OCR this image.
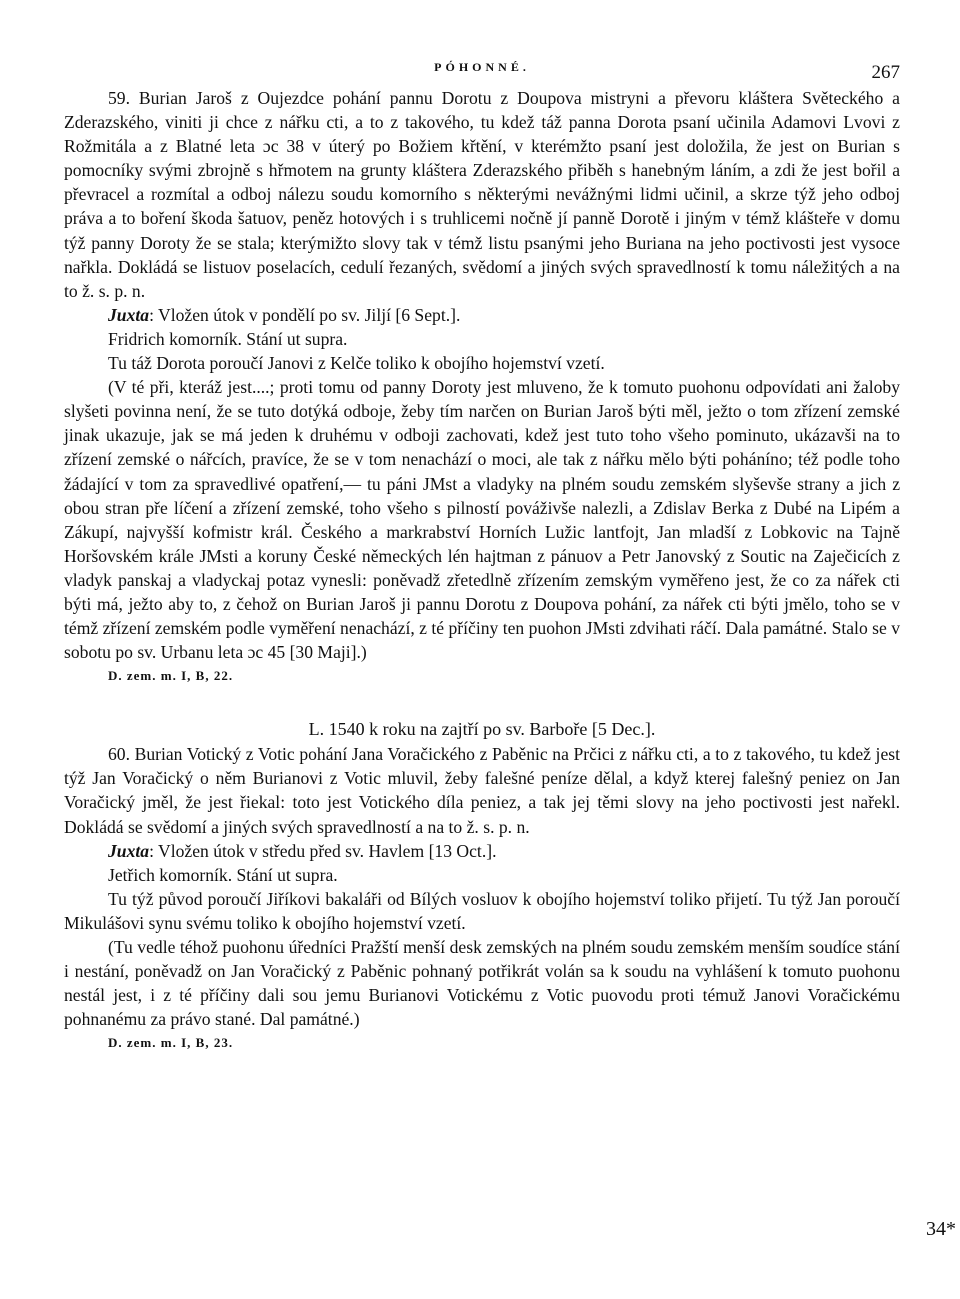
PÓHONNÉ.	267

59. Burian Jaroš z Oujezdce pohání pannu Dorotu z Doupova mistryni a převoru kláštera Světeckého a Zderazského, viniti ji chce z nářku cti, a to z takového, tu kdež táž panna Dorota psaní učinila Adamovi Lvovi z Rožmitála a z Blatné leta ɔc 38 v úterý po Božiem křtění, v kterémžto psaní jest doložila, že jest on Burian s pomocníky svými zbrojně s hřmotem na grunty kláštera Zderazského přiběh s hanebným láním, a zdi že jest bořil a převracel a rozmítal a odboj nálezu soudu komorního s některými nevážnými lidmi učinil, a skrze týž jeho odboj práva a to boření škoda šatuov, peněz hotových i s truhlicemi nočně jí panně Dorotě i jiným v témž klášteře v domu týž panny Doroty že se stala; kterýmižto slovy tak v témž listu psanými jeho Buriana na jeho poctivosti jest vysoce nařkla. Dokládá se listuov poselacích, cedulí řezaných, svědomí a jiných svých spravedlností k tomu náležitých a na to ž. s. p. n.

Juxta: Vložen útok v pondělí po sv. Jiljí [6 Sept.].

Fridrich komorník. Stání ut supra.

Tu táž Dorota poroučí Janovi z Kelče toliko k obojího hojemství vzetí.

(V té při, kteráž jest....; proti tomu od panny Doroty jest mluveno, že k tomuto puohonu odpovídati ani žaloby slyšeti povinna není, že se tuto dotýká odboje, žeby tím narčen on Burian Jaroš býti měl, ježto o tom zřízení zemské jinak ukazuje, jak se má jeden k druhému v odboji zachovati, kdež jest tuto toho všeho pominuto, ukázavši na to zřízení zemské o nářcích, pravíce, že se v tom nenachází o moci, ale tak z nářku mělo býti poháníno; též podle toho žádající v tom za spravedlivé opatření,— tu páni JMst a vladyky na plném soudu zemském slyševše strany a jich z obou stran pře líčení a zřízení zemské, toho všeho s pilností pováživše nalezli, a Zdislav Berka z Dubé na Lipém a Zákupí, najvyšší kofmistr král. Českého a markrabství Horních Lužic lantfojt, Jan mladší z Lobkovic na Tajně Horšovském krále JMsti a koruny České německých lén hajtman z pánuov a Petr Janovský z Soutic na Zaječicích z vladyk panskaj a vladyckaj potaz vynesli: poněvadž zřetedlně zřízením zemským vyměřeno jest, že co za nářek cti býti má, ježto aby to, z čehož on Burian Jaroš ji pannu Dorotu z Doupova pohání, za nářek cti býti jmělo, toho se v témž zřízení zemském podle vyměření nenachází, z té příčiny ten puohon JMsti zdvihati ráčí. Dala památné. Stalo se v sobotu po sv. Urbanu leta ɔc 45 [30 Maji].)

D. zem. m. I, B, 22.
L. 1540 k roku na zajtří po sv. Barboře [5 Dec.].

60. Burian Votický z Votic pohání Jana Voračického z Paběnic na Prčici z nářku cti, a to z takového, tu kdež jest týž Jan Voračický o něm Burianovi z Votic mluvil, žeby falešné peníze dělal, a když kterej falešný peniez on Jan Voračický jměl, že jest řiekal: toto jest Votického díla peniez, a tak jej těmi slovy na jeho poctivosti jest nařekl. Dokládá se svědomí a jiných svých spravedlností a na to ž. s. p. n.

Juxta: Vložen útok v středu před sv. Havlem [13 Oct.].

Jetřich komorník. Stání ut supra.

Tu týž původ poroučí Jiříkovi bakaláři od Bílých vosluov k obojího hojemství toliko přijetí. Tu týž Jan poroučí Mikulášovi synu svému toliko k obojího hojemství vzetí.

(Tu vedle téhož puohonu úředníci Pražští menší desk zemských na plném soudu zemském menším soudíce stání i nestání, poněvadž on Jan Voračický z Paběnic pohnaný potřikrát volán sa k soudu na vyhlášení k tomuto puohonu nestál jest, i z té příčiny dali sou jemu Burianovi Votickému z Votic puovodu proti témuž Janovi Voračickému pohnanému za právo stané. Dal památné.)

D. zem. m. I, B, 23.
34*
